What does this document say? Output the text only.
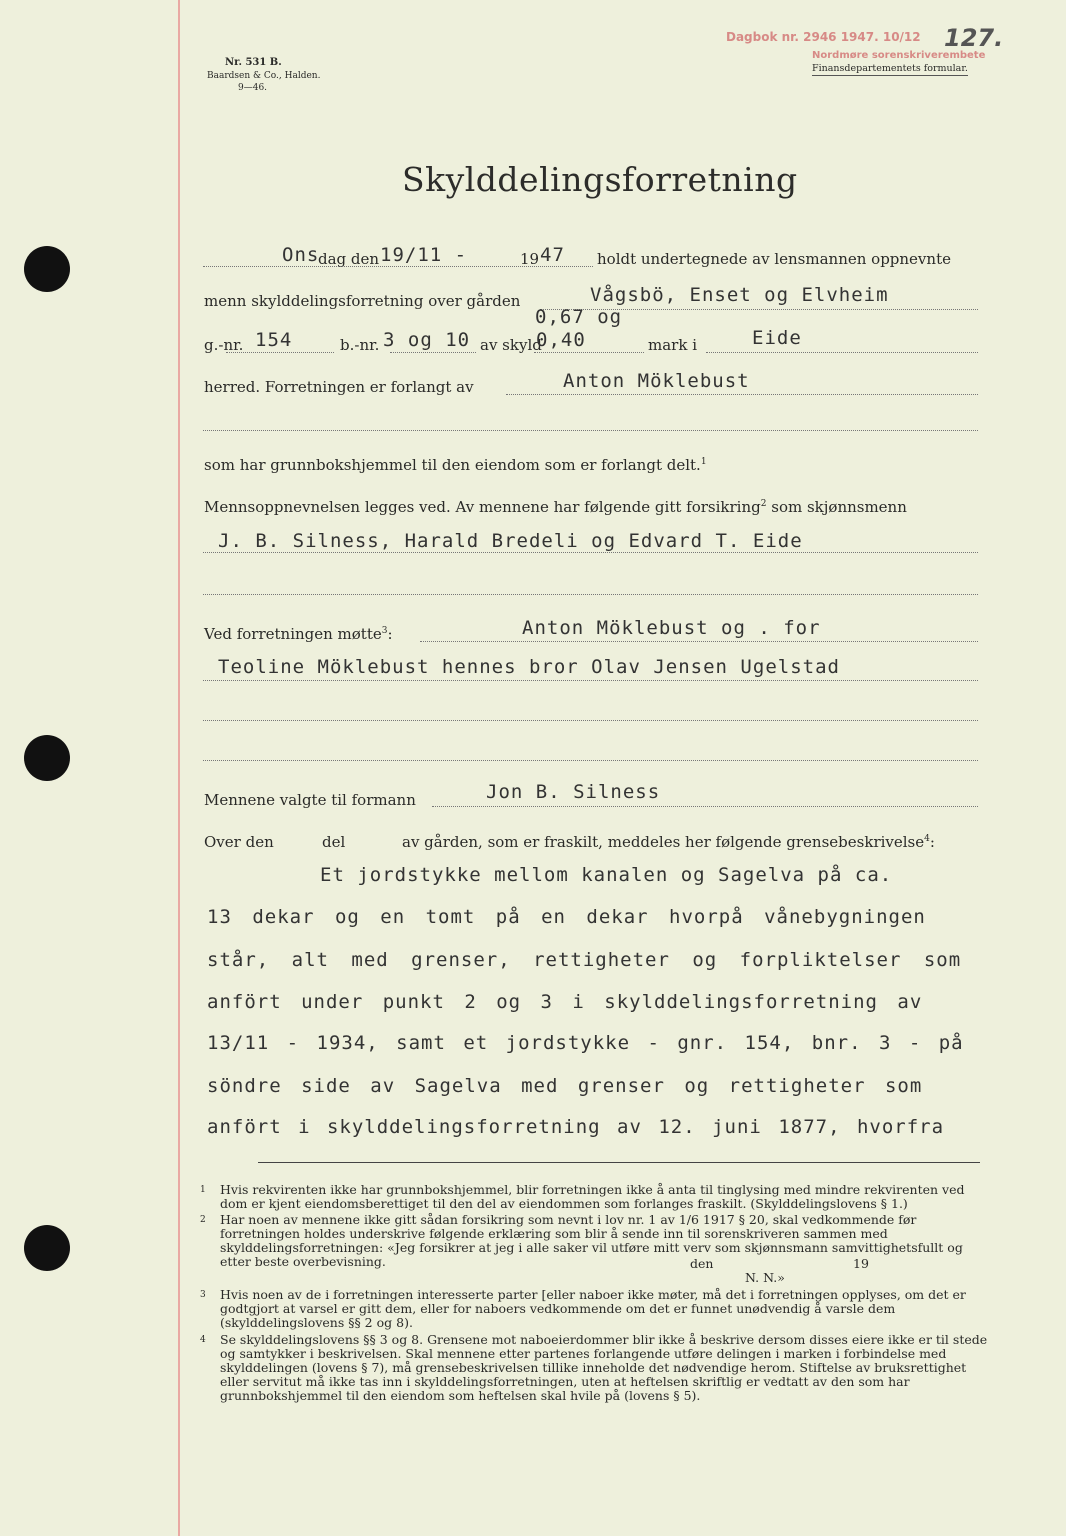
Nr. 531 B.
Baardsen & Co., Halden.
9—46.
Dagbok nr. 2946 1947. 10/12
Nordmøre sorenskriverembete
Finansdepartementets formular.
127.
Skylddelingsforretning
Ons
dag den 19/11 -	19 47 holdt undertegnede av lensmannen oppnevnte
menn skylddelingsforretning over gården	Vågsbö, Enset og Elvheim
0,67 og
g.-nr. 154	b.-nr. 3 og 10 av skyld
0,40	mark i	Eide
herred. Forretningen er forlangt av	Anton Möklebust
som har grunnbokshjemmel til den eiendom som er forlangt delt.$^1$
Mennsoppnevnelsen legges ved. Av mennene har følgende gitt forsikring$^2$ som skjønnsmenn
J. B. Silness, Harald Bredeli og Edvard T. Eide
Ved forretningen møtte$^3$:	Anton Möklebust og . for
Teoline Möklebust hennes bror Olav Jensen Ugelstad
Mennene valgte til formann	Jon B. Silness
Over den	del	av gården, som er fraskilt, meddeles her følgende grensebeskrivelse$^4$:
Et jordstykke mellom kanalen og Sagelva på ca.
13 dekar og en tomt på en dekar hvorpå vånebygningen
står, alt med grenser, rettigheter og forpliktelser som
anfört under punkt 2 og 3 i skylddelingsforretning av
13/11 - 1934, samt et jordstykke - gnr. 154, bnr. 3 - på
söndre side av Sagelva med grenser og rettigheter som
anfört i skylddelingsforretning av 12. juni 1877, hvorfra
1 Hvis rekvirenten ikke har grunnbokshjemmel, blir forretningen ikke å anta til tinglysing med mindre rekvirenten ved dom er kjent eiendomsberettiget til den del av eiendommen som forlanges fraskilt. (Skylddelingslovens § 1.)
2 Har noen av mennene ikke gitt sådan forsikring som nevnt i lov nr. 1 av 1/6 1917 § 20, skal vedkommende før forretningen holdes underskrive følgende erklæring som blir å sende inn til sorenskriveren sammen med skylddelingsforretningen: «Jeg forsikrer at jeg i alle saker vil utføre mitt verv som skjønnsmann samvittighetsfullt og etter beste overbevisning.	den	19
N. N.»
3 Hvis noen av de i forretningen interesserte parter [eller naboer ikke møter, må det i forretningen opplyses, om det er godtgjort at varsel er gitt dem, eller for naboers vedkommende om det er funnet unødvendig å varsle dem (skylddelingslovens §§ 2 og 8).
4 Se skylddelingslovens §§ 3 og 8. Grensene mot naboeierdommer blir ikke å beskrive dersom disses eiere ikke er til stede og samtykker i beskrivelsen. Skal mennene etter partenes forlangende utføre delingen i marken i forbindelse med skylddelingen (lovens § 7), må grensebeskrivelsen tillike inneholde det nødvendige herom. Stiftelse av bruksrettighet eller servitut må ikke tas inn i skylddelingsforretningen, uten at heftelsen skriftlig er vedtatt av den som har grunnbokshjemmel til den eiendom som heftelsen skal hvile på (lovens § 5).
